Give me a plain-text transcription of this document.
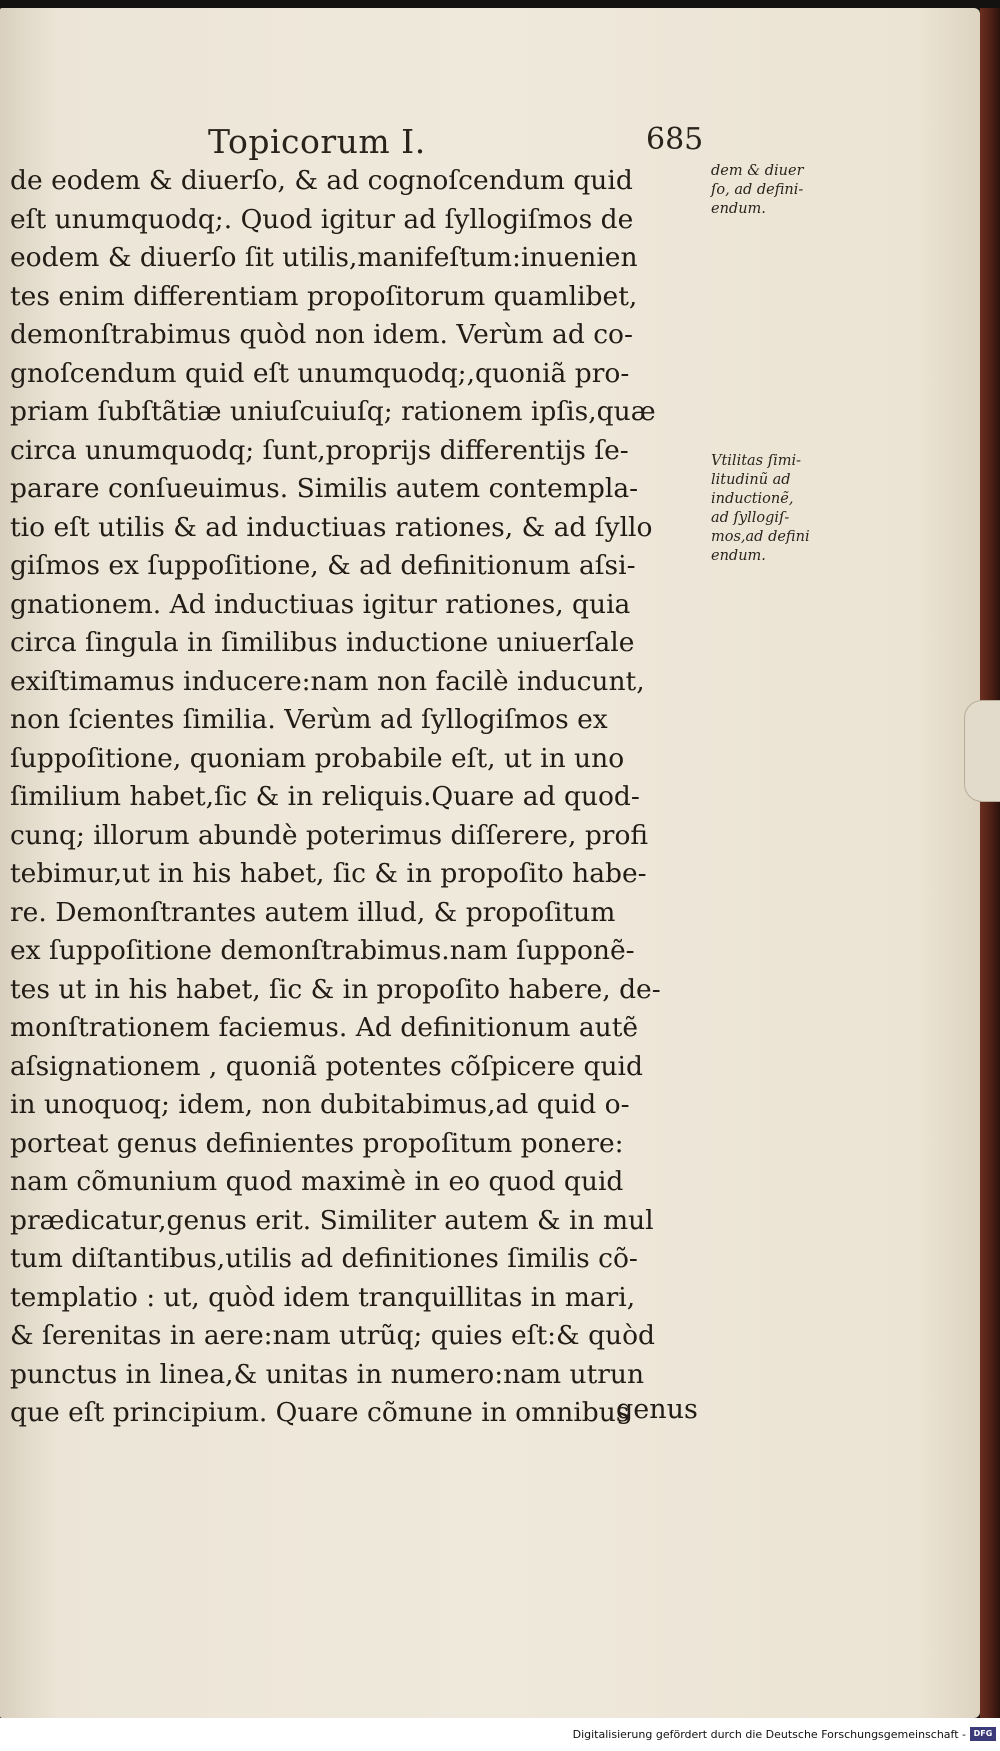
Topicorum I.	685
de eodem & diuerſo, & ad cognoſcendum quid
eſt unumquodq;. Quod igitur ad ſyllogiſmos de
eodem & diuerſo ſit utilis,manifeſtum:inuenien
tes enim differentiam propoſitorum quamlibet,
demonſtrabimus quòd non idem. Verùm ad co-
gnoſcendum quid eſt unumquodq;,quoniã pro-
priam ſubſtãtiæ uniuſcuiuſq; rationem ipſis,quæ
circa unumquodq; ſunt,proprijs differentijs ſe-
parare conſueuimus. Similis autem contempla-
tio eſt utilis & ad inductiuas rationes, & ad ſyllo
giſmos ex ſuppoſitione, & ad definitionum aſsi-
gnationem. Ad inductiuas igitur rationes, quia
circa ſingula in ſimilibus inductione uniuerſale
exiſtimamus inducere:nam non facilè inducunt,
non ſcientes ſimilia. Verùm ad ſyllogiſmos ex
ſuppoſitione, quoniam probabile eſt, ut in uno
ſimilium habet,ſic & in reliquis.Quare ad quod-
cunq; illorum abundè poterimus diſſerere, profi
tebimur,ut in his habet, ſic & in propoſito habe-
re. Demonſtrantes autem illud, & propoſitum
ex ſuppoſitione demonſtrabimus.nam ſupponẽ-
tes ut in his habet, ſic & in propoſito habere, de-
monſtrationem faciemus. Ad definitionum autẽ
aſsignationem , quoniã potentes cõſpicere quid
in unoquoq; idem, non dubitabimus,ad quid o-
porteat genus definientes propoſitum ponere:
nam cõmunium quod maximè in eo quod quid
prædicatur,genus erit. Similiter autem & in mul
tum diſtantibus,utilis ad definitiones ſimilis cõ-
templatio : ut, quòd idem tranquillitas in mari,
& ſerenitas in aere:nam utrũq; quies eſt:& quòd
punctus in linea,& unitas in numero:nam utrun
que eſt principium. Quare cõmune in omnibus
genus
dem & diuer
ſo, ad defini-
endum.
Vtilitas ſimi-
litudinũ ad
inductionẽ,
ad ſyllogiſ-
mos,ad defini
endum.
Digitalisierung gefördert durch die Deutsche Forschungsgemeinschaft - DFG
